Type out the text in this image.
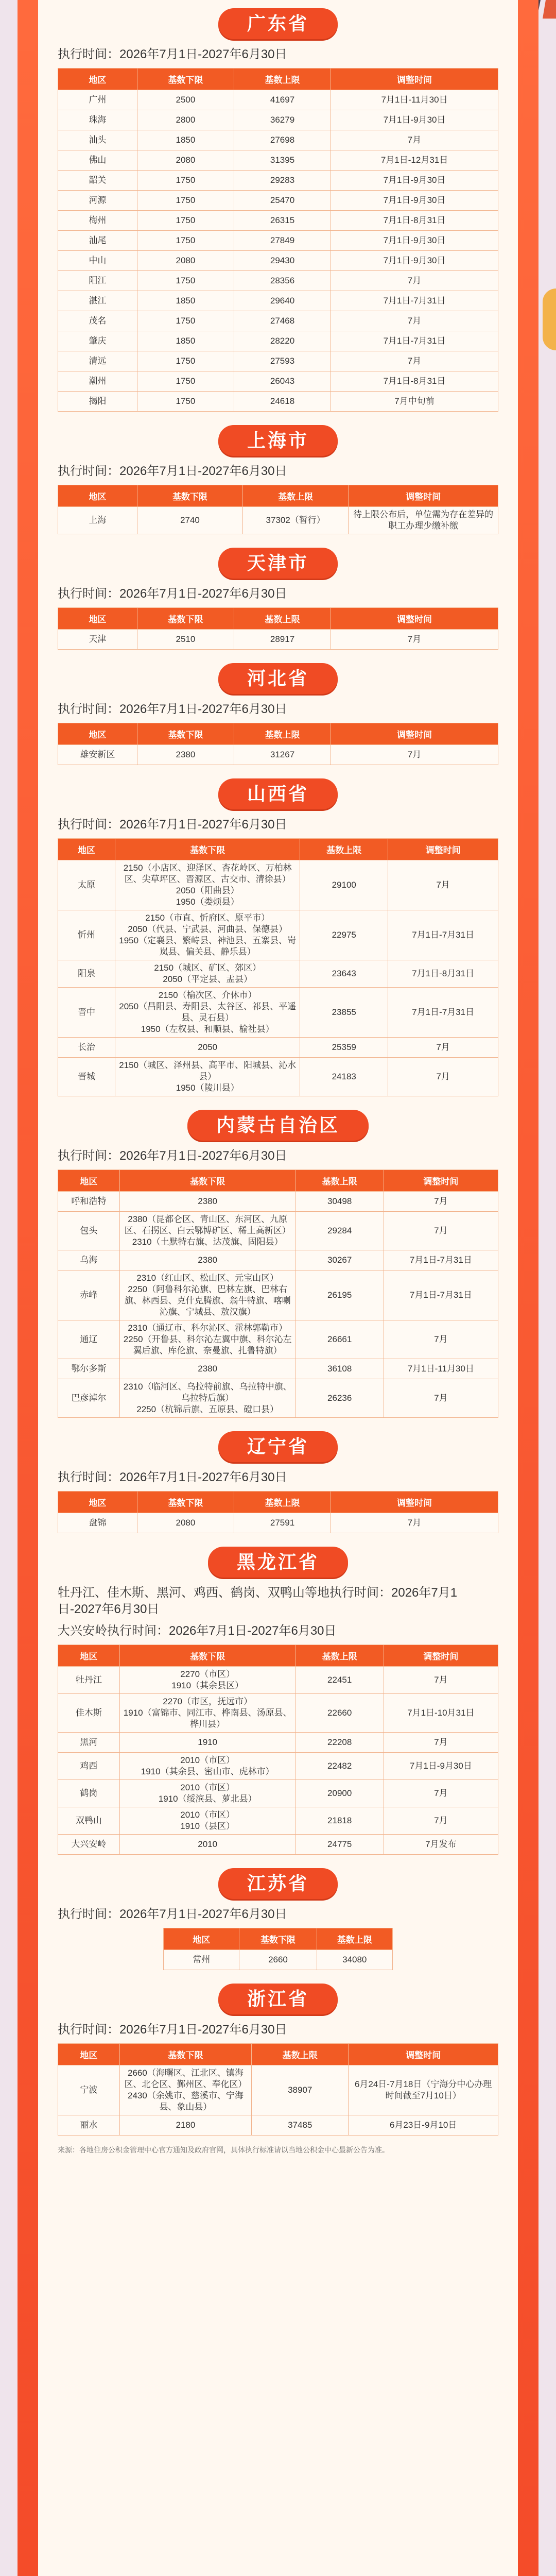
广东省
执行时间：2026年7月1日-2027年6月30日
地区	基数下限	基数上限	调整时间
广州	2500	41697	7月1日-11月30日
珠海	2800	36279	7月1日-9月30日
汕头	1850	27698	7月
佛山	2080	31395	7月1日-12月31日
韶关	1750	29283	7月1日-9月30日
河源	1750	25470	7月1日-9月30日
梅州	1750	26315	7月1日-8月31日
汕尾	1750	27849	7月1日-9月30日
中山	2080	29430	7月1日-9月30日
阳江	1750	28356	7月
湛江	1850	29640	7月1日-7月31日
茂名	1750	27468	7月
肇庆	1850	28220	7月1日-7月31日
清远	1750	27593	7月
潮州	1750	26043	7月1日-8月31日
揭阳	1750	24618	7月中旬前
上海市
执行时间：2026年7月1日-2027年6月30日
地区	基数下限	基数上限	调整时间
上海	2740	37302（暂行）	待上限公布后，单位需为存在差异的职工办理少缴补缴
天津市
执行时间：2026年7月1日-2027年6月30日
地区	基数下限	基数上限	调整时间
天津	2510	28917	7月
河北省
执行时间：2026年7月1日-2027年6月30日
地区	基数下限	基数上限	调整时间
雄安新区	2380	31267	7月
山西省
执行时间：2026年7月1日-2027年6月30日
地区	基数下限	基数上限	调整时间
太原	2150（小店区、迎泽区、杏花岭区、万柏林区、尖草坪区、晋源区、古交市、清徐县）
2050（阳曲县）
1950（娄烦县）	29100	7月
忻州	2150（市直、忻府区、原平市）
2050（代县、宁武县、河曲县、保德县）
1950（定襄县、繁峙县、神池县、五寨县、岢岚县、偏关县、静乐县）	22975	7月1日-7月31日
阳泉	2150（城区、矿区、郊区）
2050（平定县、盂县）	23643	7月1日-8月31日
晋中	2150（榆次区、介休市）
2050（昌阳县、寿阳县、太谷区、祁县、平遥县、灵石县）
1950（左权县、和顺县、榆社县）	23855	7月1日-7月31日
长治	2050	25359	7月
晋城	2150（城区、泽州县、高平市、阳城县、沁水县）
1950（陵川县）	24183	7月
内蒙古自治区
执行时间：2026年7月1日-2027年6月30日
地区	基数下限	基数上限	调整时间
呼和浩特	2380	30498	7月
包头	2380（昆都仑区、青山区、东河区、九原区、石拐区、白云鄂博矿区、稀土高新区）
2310（土默特右旗、达茂旗、固阳县）	29284	7月
乌海	2380	30267	7月1日-7月31日
赤峰	2310（红山区、松山区、元宝山区）
2250（阿鲁科尔沁旗、巴林左旗、巴林右旗、林西县、克什克腾旗、翁牛特旗、喀喇沁旗、宁城县、敖汉旗）	26195	7月1日-7月31日
通辽	2310（通辽市、科尔沁区、霍林郭勒市）
2250（开鲁县、科尔沁左翼中旗、科尔沁左翼后旗、库伦旗、奈曼旗、扎鲁特旗）	26661	7月
鄂尔多斯	2380	36108	7月1日-11月30日
巴彦淖尔	2310（临河区、乌拉特前旗、乌拉特中旗、乌拉特后旗）
2250（杭锦后旗、五原县、磴口县）	26236	7月
辽宁省
执行时间：2026年7月1日-2027年6月30日
地区	基数下限	基数上限	调整时间
盘锦	2080	27591	7月
黑龙江省
牡丹江、佳木斯、黑河、鸡西、鹤岗、双鸭山等地执行时间：2026年7月1日-2027年6月30日
大兴安岭执行时间：2026年7月1日-2027年6月30日
地区	基数下限	基数上限	调整时间
牡丹江	2270（市区）
1910（其余县区）	22451	7月
佳木斯	2270（市区，抚远市）
1910（富锦市、同江市、桦南县、汤原县、桦川县）	22660	7月1日-10月31日
黑河	1910	22208	7月
鸡西	2010（市区）
1910（其余县、密山市、虎林市）	22482	7月1日-9月30日
鹤岗	2010（市区）
1910（绥滨县、萝北县）	20900	7月
双鸭山	2010（市区）
1910（县区）	21818	7月
大兴安岭	2010	24775	7月发布
江苏省
执行时间：2026年7月1日-2027年6月30日
地区	基数下限	基数上限
常州	2660	34080
浙江省
执行时间：2026年7月1日-2027年6月30日
地区	基数下限	基数上限	调整时间
宁波	2660（海曙区、江北区、镇海区、北仑区、鄞州区、奉化区）
2430（余姚市、慈溪市、宁海县、象山县）	38907	6月24日-7月18日（宁海分中心办理时间截至7月10日）
丽水	2180	37485	6月23日-9月10日
来源：各地住房公积金管理中心官方通知及政府官网，具体执行标准请以当地公积金中心最新公告为准。
